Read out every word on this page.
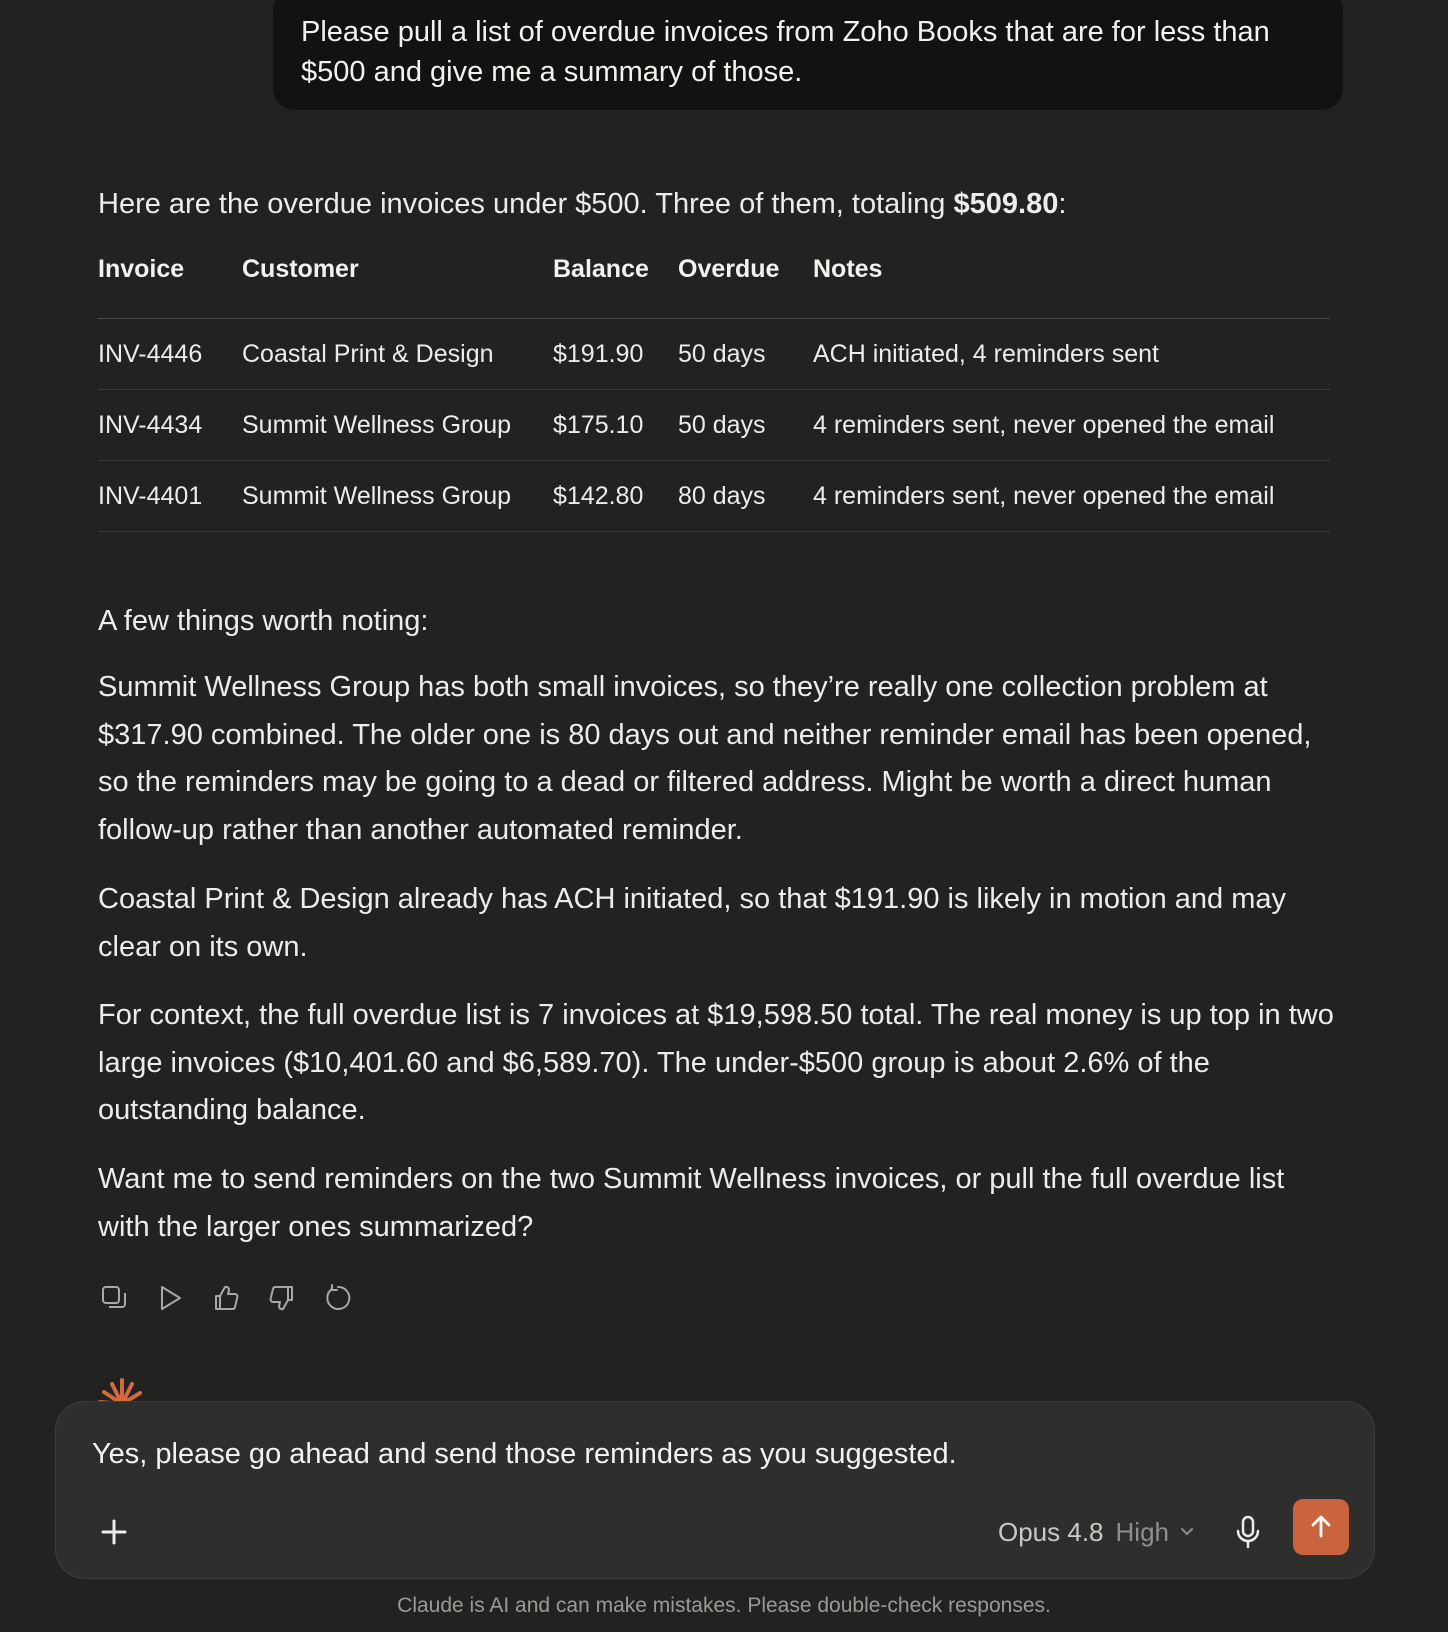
Please pull a list of overdue invoices from Zoho Books that are for less than $500 and give me a summary of those.
Here are the overdue invoices under $500. Three of them, totaling $509.80:
Invoice	Customer	Balance	Overdue	Notes
INV-4446	Coastal Print & Design	$191.90	50 days	ACH initiated, 4 reminders sent
INV-4434	Summit Wellness Group	$175.10	50 days	4 reminders sent, never opened the email
INV-4401	Summit Wellness Group	$142.80	80 days	4 reminders sent, never opened the email

A few things worth noting:

Summit Wellness Group has both small invoices, so they’re really one collection problem at $317.90 combined. The older one is 80 days out and neither reminder email has been opened, so the reminders may be going to a dead or filtered address. Might be worth a direct human follow-up rather than another automated reminder.

Coastal Print & Design already has ACH initiated, so that $191.90 is likely in motion and may clear on its own.

For context, the full overdue list is 7 invoices at $19,598.50 total. The real money is up top in two large invoices ($10,401.60 and $6,589.70). The under-$500 group is about 2.6% of the outstanding balance.

Want me to send reminders on the two Summit Wellness invoices, or pull the full overdue list with the larger ones summarized?

Yes, please go ahead and send those reminders as you suggested.
Opus 4.8 High
Claude is AI and can make mistakes. Please double-check responses.
